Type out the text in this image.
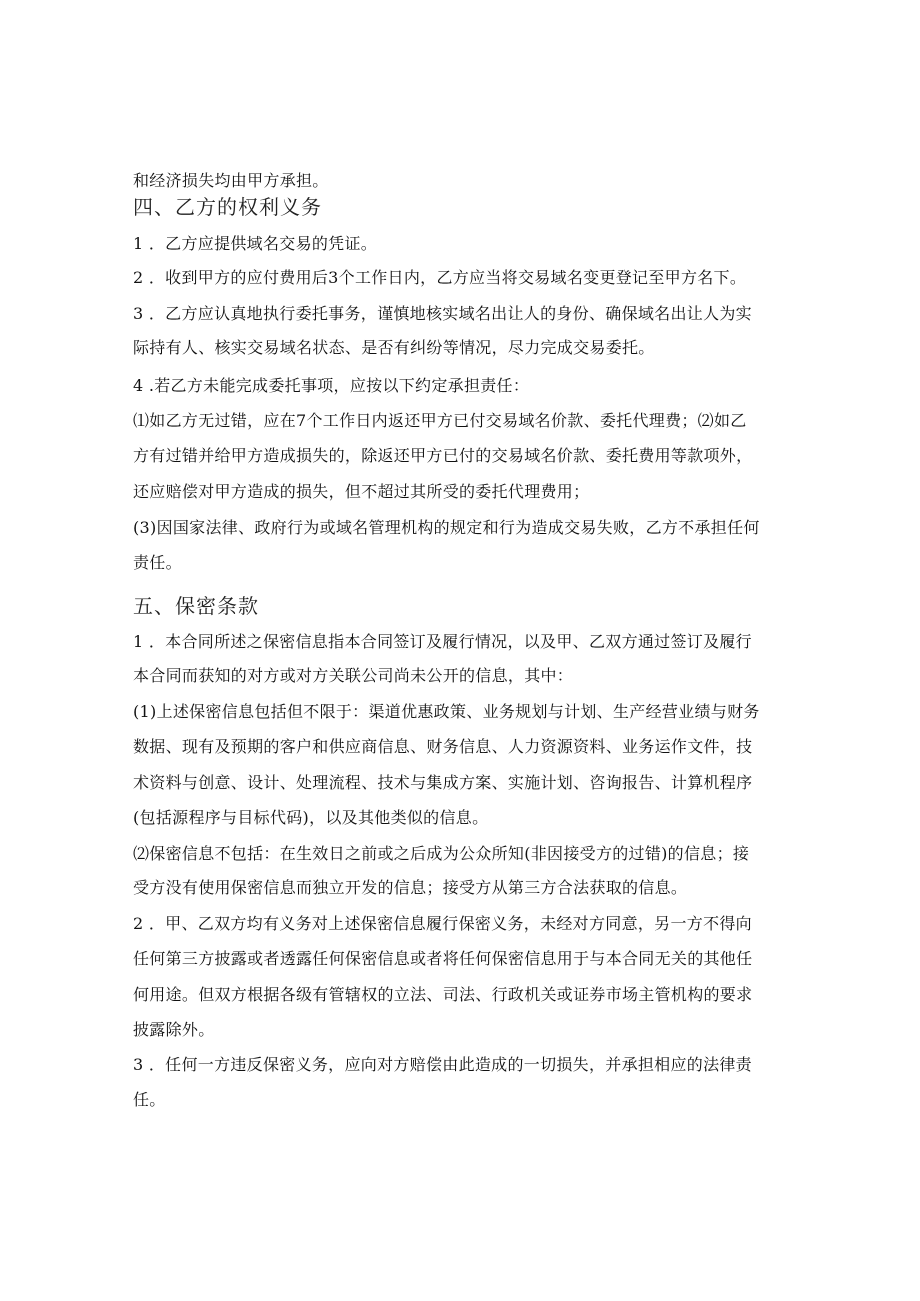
和经济损失均由甲方承担。
四、乙方的权利义务
1 ．乙方应提供域名交易的凭证。
2 ．收到甲方的应付费用后3个工作日内，乙方应当将交易域名变更登记至甲方名下。
3 ．乙方应认真地执行委托事务，谨慎地核实域名出让人的身份、确保域名出让人为实
际持有人、核实交易域名状态、是否有纠纷等情况，尽力完成交易委托。
4 .若乙方未能完成委托事项，应按以下约定承担责任：
⑴如乙方无过错，应在7个工作日内返还甲方已付交易域名价款、委托代理费；⑵如乙
方有过错并给甲方造成损失的，除返还甲方已付的交易域名价款、委托费用等款项外，
还应赔偿对甲方造成的损失，但不超过其所受的委托代理费用；
(3)因国家法律、政府行为或域名管理机构的规定和行为造成交易失败，乙方不承担任何
责任。
五、保密条款
1 ．本合同所述之保密信息指本合同签订及履行情况，以及甲、乙双方通过签订及履行
本合同而获知的对方或对方关联公司尚未公开的信息，其中：
(1)上述保密信息包括但不限于：渠道优惠政策、业务规划与计划、生产经营业绩与财务
数据、现有及预期的客户和供应商信息、财务信息、人力资源资料、业务运作文件，技
术资料与创意、设计、处理流程、技术与集成方案、实施计划、咨询报告、计算机程序
(包括源程序与目标代码)，以及其他类似的信息。
⑵保密信息不包括：在生效日之前或之后成为公众所知(非因接受方的过错)的信息；接
受方没有使用保密信息而独立开发的信息；接受方从第三方合法获取的信息。
2 ．甲、乙双方均有义务对上述保密信息履行保密义务，未经对方同意，另一方不得向
任何第三方披露或者透露任何保密信息或者将任何保密信息用于与本合同无关的其他任
何用途。但双方根据各级有管辖权的立法、司法、行政机关或证券市场主管机构的要求
披露除外。
3 ．任何一方违反保密义务，应向对方赔偿由此造成的一切损失，并承担相应的法律责
任。
